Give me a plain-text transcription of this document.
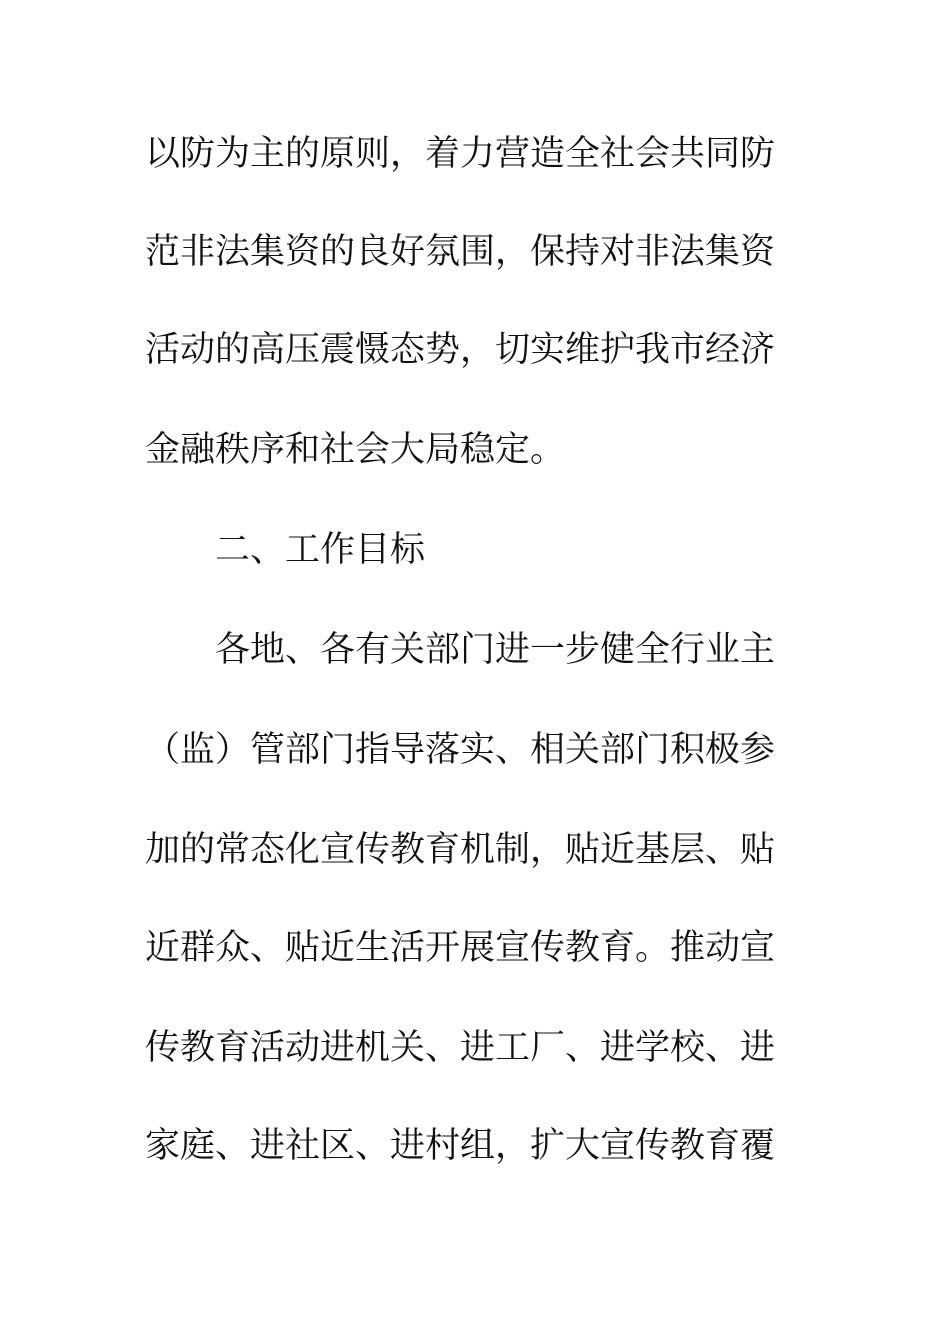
以防为主的原则，着力营造全社会共同防
范非法集资的良好氛围，保持对非法集资
活动的高压震慑态势，切实维护我市经济
金融秩序和社会大局稳定。
二、工作目标
各地、各有关部门进一步健全行业主
（监）管部门指导落实、相关部门积极参
加的常态化宣传教育机制，贴近基层、贴
近群众、贴近生活开展宣传教育。推动宣
传教育活动进机关、进工厂、进学校、进
家庭、进社区、进村组，扩大宣传教育覆
